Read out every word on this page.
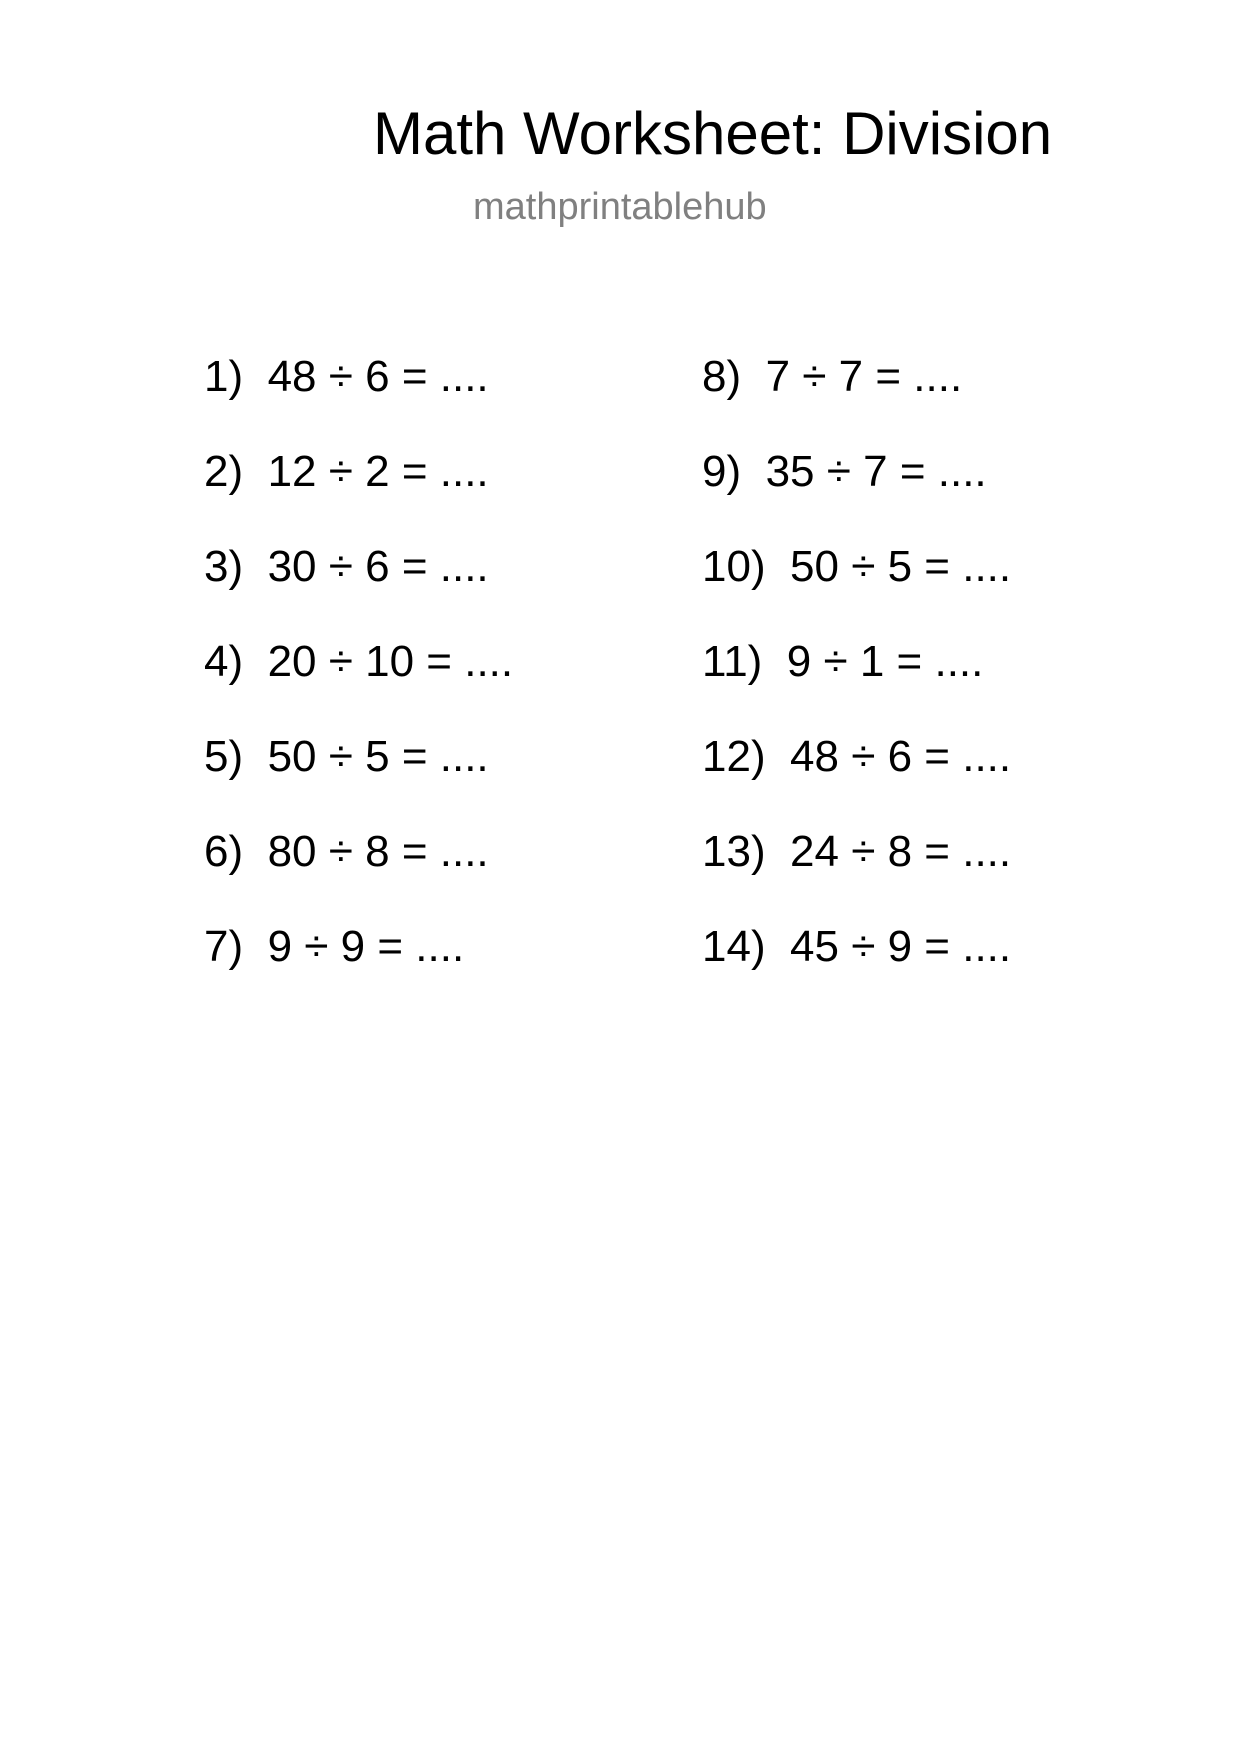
Math Worksheet: Division
mathprintablehub
1) 48 ÷ 6 = ....
2) 12 ÷ 2 = ....
3) 30 ÷ 6 = ....
4) 20 ÷ 10 = ....
5) 50 ÷ 5 = ....
6) 80 ÷ 8 = ....
7) 9 ÷ 9 = ....
8) 7 ÷ 7 = ....
9) 35 ÷ 7 = ....
10) 50 ÷ 5 = ....
11) 9 ÷ 1 = ....
12) 48 ÷ 6 = ....
13) 24 ÷ 8 = ....
14) 45 ÷ 9 = ....
